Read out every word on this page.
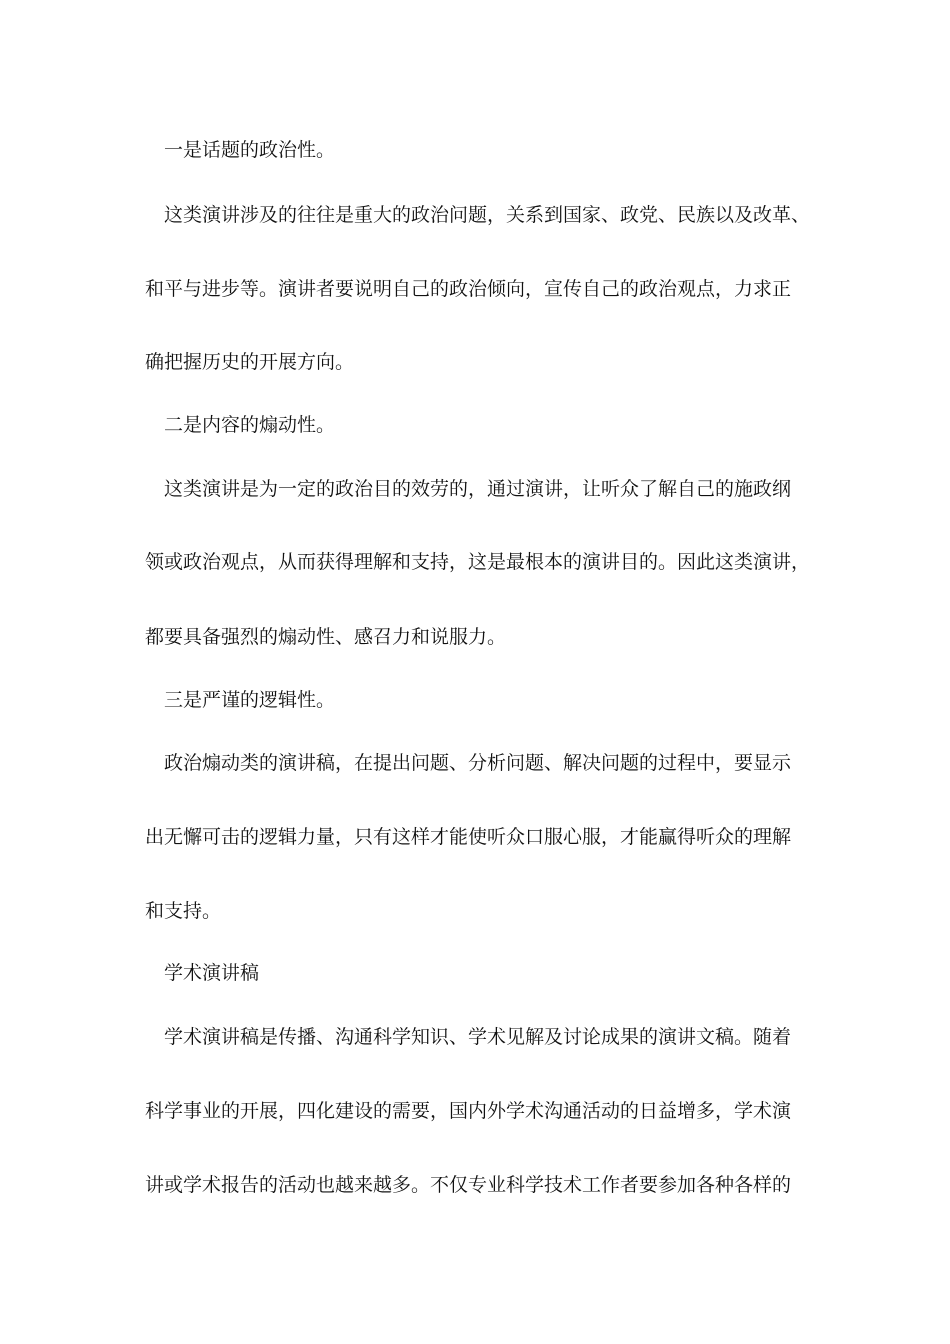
一是话题的政治性。
这类演讲涉及的往往是重大的政治问题，关系到国家、政党、民族以及改革、
和平与进步等。演讲者要说明自己的政治倾向，宣传自己的政治观点，力求正
确把握历史的开展方向。
二是内容的煽动性。
这类演讲是为一定的政治目的效劳的，通过演讲，让听众了解自己的施政纲
领或政治观点，从而获得理解和支持，这是最根本的演讲目的。因此这类演讲，
都要具备强烈的煽动性、感召力和说服力。
三是严谨的逻辑性。
政治煽动类的演讲稿，在提出问题、分析问题、解决问题的过程中，要显示
出无懈可击的逻辑力量，只有这样才能使听众口服心服，才能赢得听众的理解
和支持。
学术演讲稿
学术演讲稿是传播、沟通科学知识、学术见解及讨论成果的演讲文稿。随着
科学事业的开展，四化建设的需要，国内外学术沟通活动的日益增多，学术演
讲或学术报告的活动也越来越多。不仅专业科学技术工作者要参加各种各样的
